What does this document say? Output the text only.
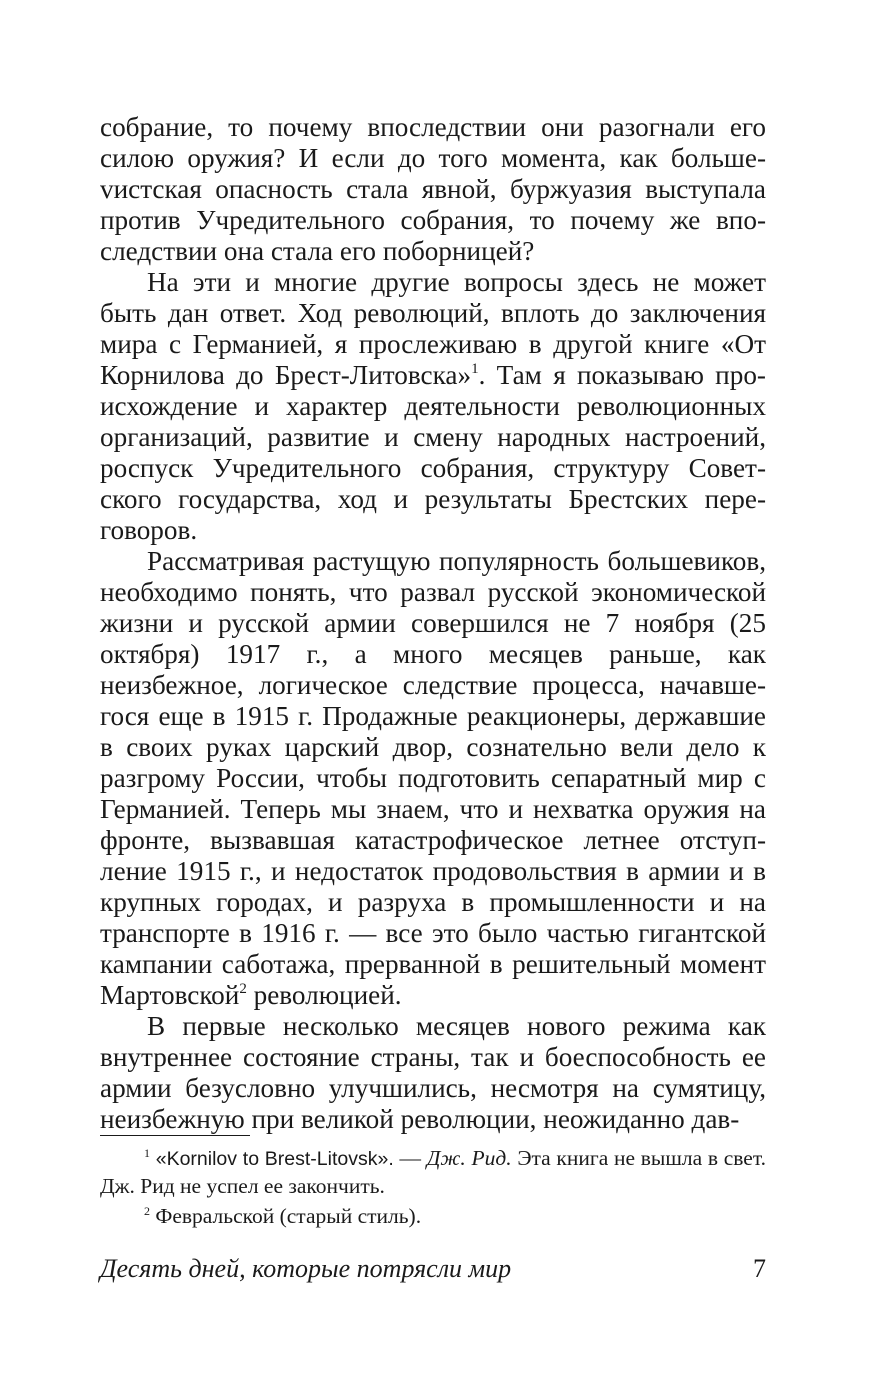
собрание, то почему впоследствии они разогнали его силою оружия? И если до того момента, как большеvистская опасность стала явной, буржуазия выступала против Учредительного собрания, то почему же впоследствии она стала его поборницей?

На эти и многие другие вопросы здесь не может быть дан ответ. Ход революций, вплоть до заключения мира с Германией, я прослеживаю в другой книге «От Корнилова до Брест-Литовска»$^1$. Там я показываю происхождение и характер деятельности революционных организаций, развитие и смену народных настроений, роспуск Учредительного собрания, структуру Советского государства, ход и результаты Брестских переговоров.

Рассматривая растущую популярность большевиков, необходимо понять, что развал русской экономической жизни и русской армии совершился не 7 ноября (25 октября) 1917 г., а много месяцев раньше, как неизбежное, логическое следствие процесса, начавшегося еще в 1915 г. Продажные реакционеры, державшие в своих руках царский двор, сознательно вели дело к разгрому России, чтобы подготовить сепаратный мир с Германией. Теперь мы знаем, что и нехватка оружия на фронте, вызвавшая катастрофическое летнее отступление 1915 г., и недостаток продовольствия в армии и в крупных городах, и разруха в промышленности и на транспорте в 1916 г. — все это было частью гигантской кампании саботажа, прерванной в решительный момент Мартовской$^2$ революцией.

В первые несколько месяцев нового режима как внутреннее состояние страны, так и боеспособность ее армии безусловно улучшились, несмотря на сумятицу, неизбежную при великой революции, неожиданно дав-

$^1$ «Kornilov to Brest-Litovsk». — Дж. Рид. Эта книга не вышла в свет. Дж. Рид не успел ее закончить.

$^2$ Февральской (старый стиль).

Десять дней, которые потрясли мир	7
